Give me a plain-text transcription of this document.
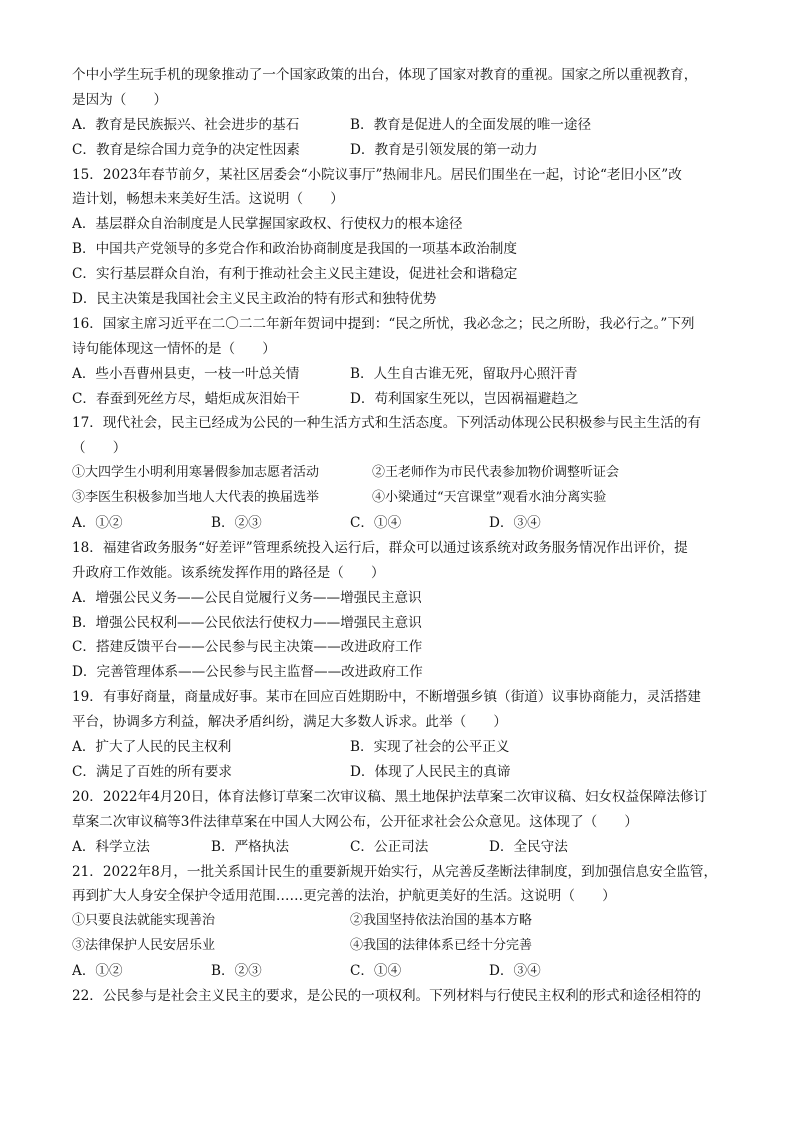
个中小学生玩手机的现象推动了一个国家政策的出台，体现了国家对教育的重视。国家之所以重视教育，
是因为（　　）
A．教育是民族振兴、社会进步的基石	B．教育是促进人的全面发展的唯一途径
C．教育是综合国力竞争的决定性因素	D．教育是引领发展的第一动力
15．2023年春节前夕，某社区居委会“小院议事厅”热闹非凡。居民们围坐在一起，讨论“老旧小区”改
造计划，畅想未来美好生活。这说明（　　）
A．基层群众自治制度是人民掌握国家政权、行使权力的根本途径
B．中国共产党领导的多党合作和政治协商制度是我国的一项基本政治制度
C．实行基层群众自治，有利于推动社会主义民主建设，促进社会和谐稳定
D．民主决策是我国社会主义民主政治的特有形式和独特优势
16．国家主席习近平在二〇二二年新年贺词中提到：“民之所忧，我必念之；民之所盼，我必行之。”下列
诗句能体现这一情怀的是（　　）
A．些小吾曹州县吏，一枝一叶总关情	B．人生自古谁无死，留取丹心照汗青
C．春蚕到死丝方尽，蜡炬成灰泪始干	D．苟利国家生死以，岂因祸福避趋之
17．现代社会，民主已经成为公民的一种生活方式和生活态度。下列活动体现公民积极参与民主生活的有
（　　）
①大四学生小明利用寒暑假参加志愿者活动	②王老师作为市民代表参加物价调整听证会
③李医生积极参加当地人大代表的换届选举	④小梁通过“天宫课堂”观看水油分离实验
A．①②	B．②③	C．①④	D．③④
18．福建省政务服务“好差评”管理系统投入运行后，群众可以通过该系统对政务服务情况作出评价，提
升政府工作效能。该系统发挥作用的路径是（　　）
A．增强公民义务——公民自觉履行义务——增强民主意识
B．增强公民权利——公民依法行使权力——增强民主意识
C．搭建反馈平台——公民参与民主决策——改进政府工作
D．完善管理体系——公民参与民主监督——改进政府工作
19．有事好商量，商量成好事。某市在回应百姓期盼中，不断增强乡镇（街道）议事协商能力，灵活搭建
平台，协调多方利益，解决矛盾纠纷，满足大多数人诉求。此举（　　）
A．扩大了人民的民主权利	B．实现了社会的公平正义
C．满足了百姓的所有要求	D．体现了人民民主的真谛
20．2022年4月20日，体育法修订草案二次审议稿、黑土地保护法草案二次审议稿、妇女权益保障法修订
草案二次审议稿等3件法律草案在中国人大网公布，公开征求社会公众意见。这体现了（　　）
A．科学立法	B．严格执法	C．公正司法	D．全民守法
21．2022年8月，一批关系国计民生的重要新规开始实行，从完善反垄断法律制度，到加强信息安全监管，
再到扩大人身安全保护令适用范围……更完善的法治，护航更美好的生活。这说明（　　）
①只要良法就能实现善治	②我国坚持依法治国的基本方略
③法律保护人民安居乐业	④我国的法律体系已经十分完善
A．①②	B．②③	C．①④	D．③④
22．公民参与是社会主义民主的要求，是公民的一项权利。下列材料与行使民主权利的形式和途径相符的
